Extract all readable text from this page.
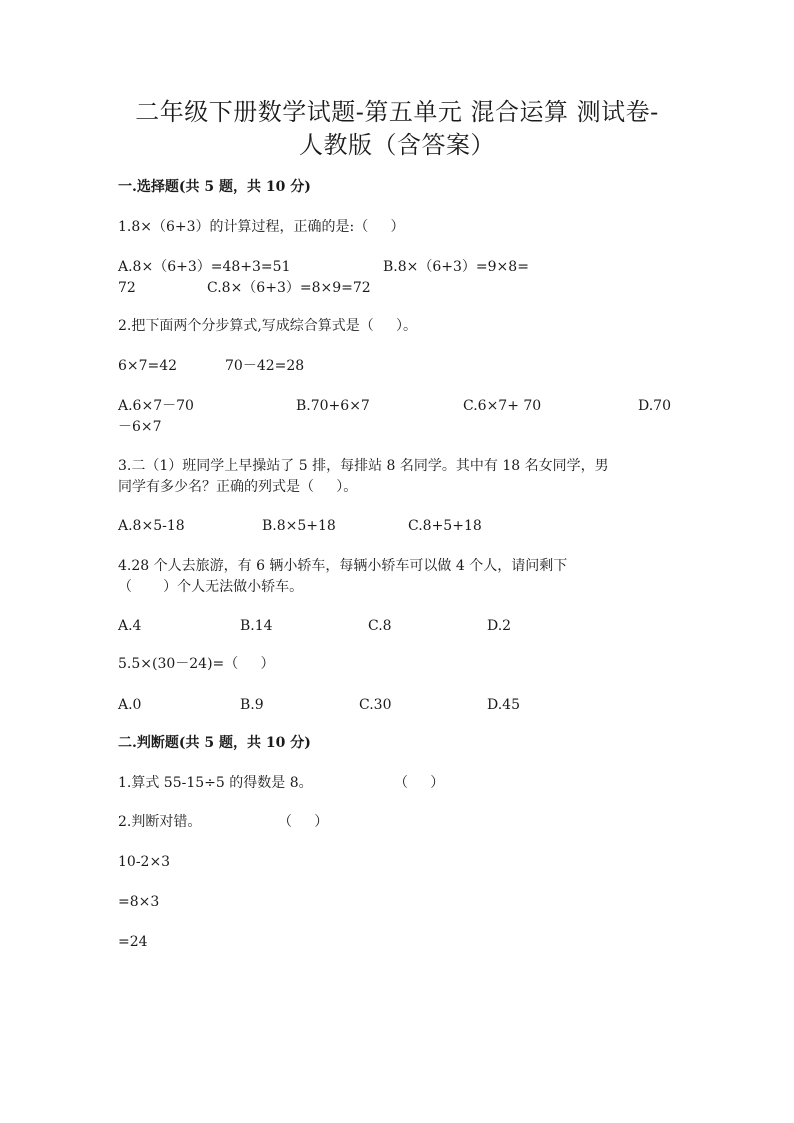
二年级下册数学试题-第五单元 混合运算 测试卷-
人教版（含答案）
一.选择题(共 5 题，共 10 分)
1.8×（6+3）的计算过程，正确的是:（     ）
A.8×（6+3）=48+3=51	B.8×（6+3）=9×8=
72	C.8×（6+3）=8×9=72
2.把下面两个分步算式,写成综合算式是（     ）。
6×7=42	70－42=28
A.6×7－70	B.70+6×7	C.6×7+ 70	D.70
－6×7
3.二（1）班同学上早操站了 5 排，每排站 8 名同学。其中有 18 名女同学，男
同学有多少名？正确的列式是（     ）。
A.8×5-18	B.8×5+18	C.8+5+18
4.28 个人去旅游，有 6 辆小轿车，每辆小轿车可以做 4 个人，请问剩下
（       ）个人无法做小轿车。
A.4	B.14	C.8	D.2
5.5×(30－24)=（     ）
A.0	B.9	C.30	D.45
二.判断题(共 5 题，共 10 分)
1.算式 55-15÷5 的得数是 8。	（     ）
2.判断对错。	（     ）
10-2×3
=8×3
=24
